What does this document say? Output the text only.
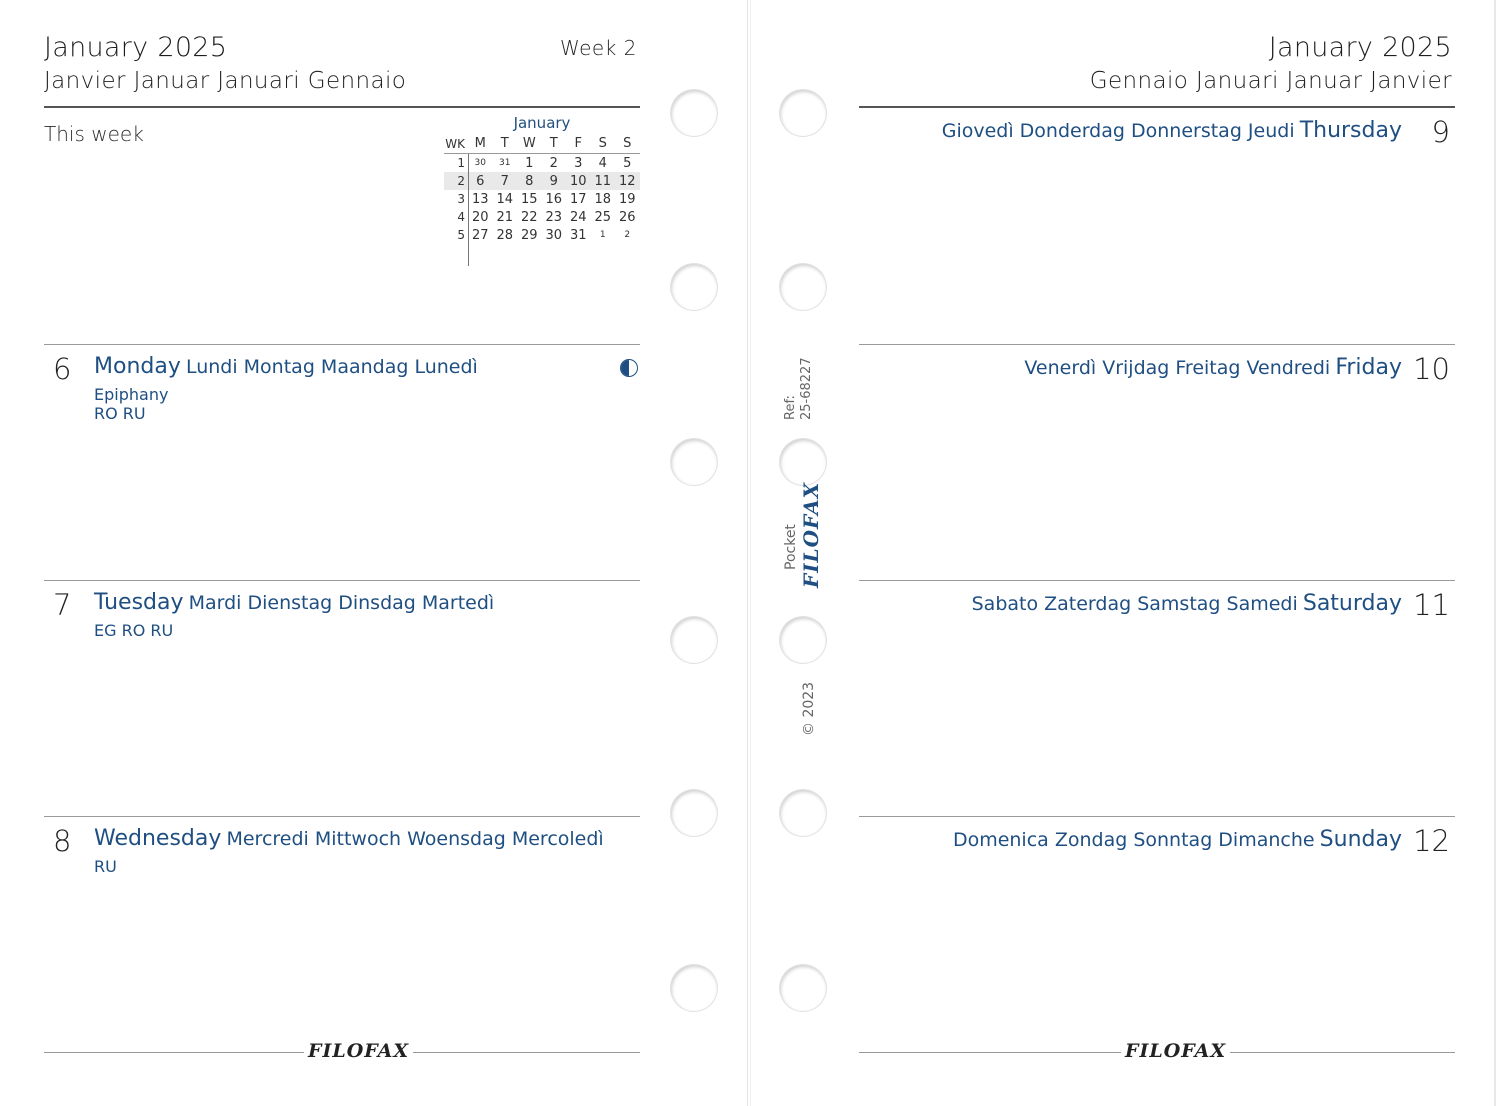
January 2025
Janvier Januar Januari Gennaio
Week 2
This week	January
WK M	T	W	T	F	S	S
1	30	31	1	2	3	4	5
2 6	7	8	9 10 11 12
3 13 14 15 16 17 18 19
4 20 21 22 23 24 25 26
5 27 28 29 30 31	1	2
6 Monday Lundi Montag Maandag Lunedì
Epiphany
RO RU
7 Tuesday Mardi Dienstag Dinsdag Martedì
EG RO RU
8 Wednesday Mercredi Mittwoch Woensdag Mercoledì
RU
FILOFAX
January 2025
Gennaio Januari Januar Janvier
Giovedì Donderdag Donnerstag Jeudi Thursday 9
Venerdì Vrijdag Freitag Vendredi Friday 10
Sabato Zaterdag Samstag Samedi Saturday 11
Domenica Zondag Sonntag Dimanche Sunday 12
FILOFAX
Ref: 25-68227
Pocket FILOFAX
© 2023
